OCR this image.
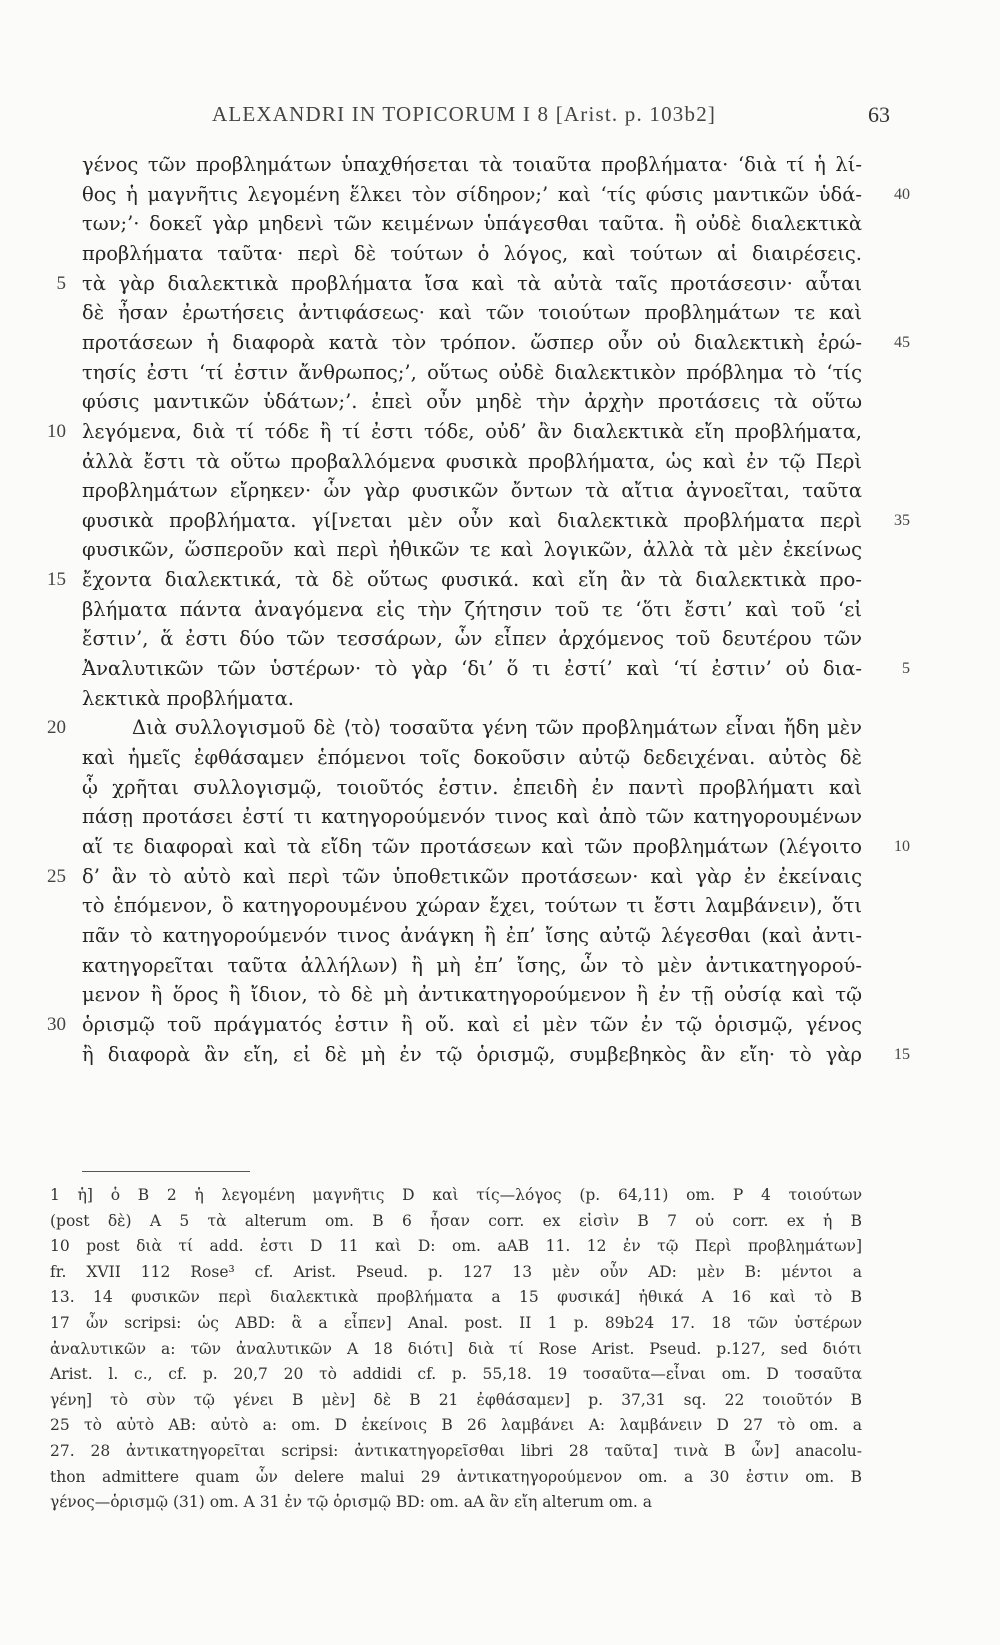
ALEXANDRI IN TOPICORUM I 8 [Arist. p. 103b2]	63
γένος τῶν προβλημάτων ὑπαχθήσεται τὰ τοιαῦτα προβλήματα· ‘διὰ τί ἡ λί-
θος ἡ μαγνῆτις λεγομένη ἕλκει τὸν σίδηρον;’ καὶ ‘τίς φύσις μαντικῶν ὑδά-	40
των;’· δοκεῖ γὰρ μηδενὶ τῶν κειμένων ὑπάγεσθαι ταῦτα. ἢ οὐδὲ διαλεκτικὰ
προβλήματα ταῦτα· περὶ δὲ τούτων ὁ λόγος, καὶ τούτων αἱ διαιρέσεις.
5 τὰ γὰρ διαλεκτικὰ προβλήματα ἴσα καὶ τὰ αὐτὰ ταῖς προτάσεσιν· αὗται
δὲ ἦσαν ἐρωτήσεις ἀντιφάσεως· καὶ τῶν τοιούτων προβλημάτων τε καὶ
προτάσεων ἡ διαφορὰ κατὰ τὸν τρόπον. ὥσπερ οὖν οὐ διαλεκτικὴ ἐρώ-	45
τησίς ἐστι ‘τί ἐστιν ἄνθρωπος;’, οὕτως οὐδὲ διαλεκτικὸν πρόβλημα τὸ ‘τίς
φύσις μαντικῶν ὑδάτων;’. ἐπεὶ οὖν μηδὲ τὴν ἀρχὴν προτάσεις τὰ οὕτω
10 λεγόμενα, διὰ τί τόδε ἢ τί ἐστι τόδε, οὐδ’ ἂν διαλεκτικὰ εἴη προβλήματα,
ἀλλὰ ἔστι τὰ οὕτω προβαλλόμενα φυσικὰ προβλήματα, ὡς καὶ ἐν τῷ Περὶ
προβλημάτων εἴρηκεν· ὧν γὰρ φυσικῶν ὄντων τὰ αἴτια ἀγνοεῖται, ταῦτα
φυσικὰ προβλήματα. γί[νεται μὲν οὖν καὶ διαλεκτικὰ προβλήματα περὶ	35
φυσικῶν, ὥσπεροῦν καὶ περὶ ἠθικῶν τε καὶ λογικῶν, ἀλλὰ τὰ μὲν ἐκείνως
15 ἔχοντα διαλεκτικά, τὰ δὲ οὕτως φυσικά. καὶ εἴη ἂν τὰ διαλεκτικὰ προ-
βλήματα πάντα ἀναγόμενα εἰς τὴν ζήτησιν τοῦ τε ‘ὅτι ἔστι’ καὶ τοῦ ‘εἰ
ἔστιν’, ἅ ἐστι δύο τῶν τεσσάρων, ὧν εἶπεν ἀρχόμενος τοῦ δευτέρου τῶν
Ἀναλυτικῶν τῶν ὑστέρων· τὸ γὰρ ‘διʼ ὅ τι ἐστί’ καὶ ‘τί ἐστιν’ οὐ δια-	5
λεκτικὰ προβλήματα.
20	Διὰ συλλογισμοῦ δὲ ⟨τὸ⟩ τοσαῦτα γένη τῶν προβλημάτων εἶναι ἤδη μὲν
καὶ ἡμεῖς ἐφθάσαμεν ἑπόμενοι τοῖς δοκοῦσιν αὐτῷ δεδειχέναι. αὐτὸς δὲ
ᾧ χρῆται συλλογισμῷ, τοιοῦτός ἐστιν. ἐπειδὴ ἐν παντὶ προβλήματι καὶ
πάσῃ προτάσει ἐστί τι κατηγορούμενόν τινος καὶ ἀπὸ τῶν κατηγορουμένων
αἵ τε διαφοραὶ καὶ τὰ εἴδη τῶν προτάσεων καὶ τῶν προβλημάτων (λέγοιτο	10
25 δ’ ἂν τὸ αὐτὸ καὶ περὶ τῶν ὑποθετικῶν προτάσεων· καὶ γὰρ ἐν ἐκείναις
τὸ ἑπόμενον, ὃ κατηγορουμένου χώραν ἔχει, τούτων τι ἔστι λαμβάνειν), ὅτι
πᾶν τὸ κατηγορούμενόν τινος ἀνάγκη ἢ ἐπ’ ἴσης αὐτῷ λέγεσθαι (καὶ ἀντι-
κατηγορεῖται ταῦτα ἀλλήλων) ἢ μὴ ἐπ’ ἴσης, ὧν τὸ μὲν ἀντικατηγορού-
μενον ἢ ὅρος ἢ ἴδιον, τὸ δὲ μὴ ἀντικατηγορούμενον ἢ ἐν τῇ οὐσίᾳ καὶ τῷ
30 ὁρισμῷ τοῦ πράγματός ἐστιν ἢ οὔ. καὶ εἰ μὲν τῶν ἐν τῷ ὁρισμῷ, γένος
ἢ διαφορὰ ἂν εἴη, εἰ δὲ μὴ ἐν τῷ ὁρισμῷ, συμβεβηκὸς ἂν εἴη· τὸ γὰρ	15
1 ἡ] ὁ B 2 ἡ λεγομένη μαγνῆτις D καὶ τίς—λόγος (p. 64,11) om. P 4 τοιούτων
(post δὲ) A 5 τὰ alterum om. B 6 ἦσαν corr. ex εἰσὶν B 7 οὐ corr. ex ἡ B
10 post διὰ τί add. ἐστι D 11 καὶ D: om. aAB 11. 12 ἐν τῷ Περὶ προβλημάτων]
fr. XVII 112 Rose³ cf. Arist. Pseud. p. 127 13 μὲν οὖν AD: μὲν B: μέντοι a
13. 14 φυσικῶν περὶ διαλεκτικὰ προβλήματα a 15 φυσικά] ἠθικά A 16 καὶ τὸ B
17 ὧν scripsi: ὡς ABD: ἃ a εἶπεν] Anal. post. II 1 p. 89b24 17. 18 τῶν ὑστέρων
ἀναλυτικῶν a: τῶν ἀναλυτικῶν A 18 διότι] διὰ τί Rose Arist. Pseud. p.127, sed διότι
Arist. l. c., cf. p. 20,7 20 τὸ addidi cf. p. 55,18. 19 τοσαῦτα—εἶναι om. D τοσαῦτα
γένη] τὸ σὺν τῷ γένει B μὲν] δὲ B 21 ἐφθάσαμεν] p. 37,31 sq. 22 τοιοῦτόν B
25 τὸ αὐτὸ AB: αὐτὸ a: om. D ἐκείνοις B 26 λαμβάνει A: λαμβάνειν D 27 τὸ om. a
27. 28 ἀντικατηγορεῖται scripsi: ἀντικατηγορεῖσθαι libri 28 ταῦτα] τινὰ B ὧν] anacolu-
thon admittere quam ὧν delere malui 29 ἀντικατηγορούμενον om. a 30 ἐστιν om. B
γένος—ὁρισμῷ (31) om. A 31 ἐν τῷ ὁρισμῷ BD: om. aA ἂν εἴη alterum om. a
